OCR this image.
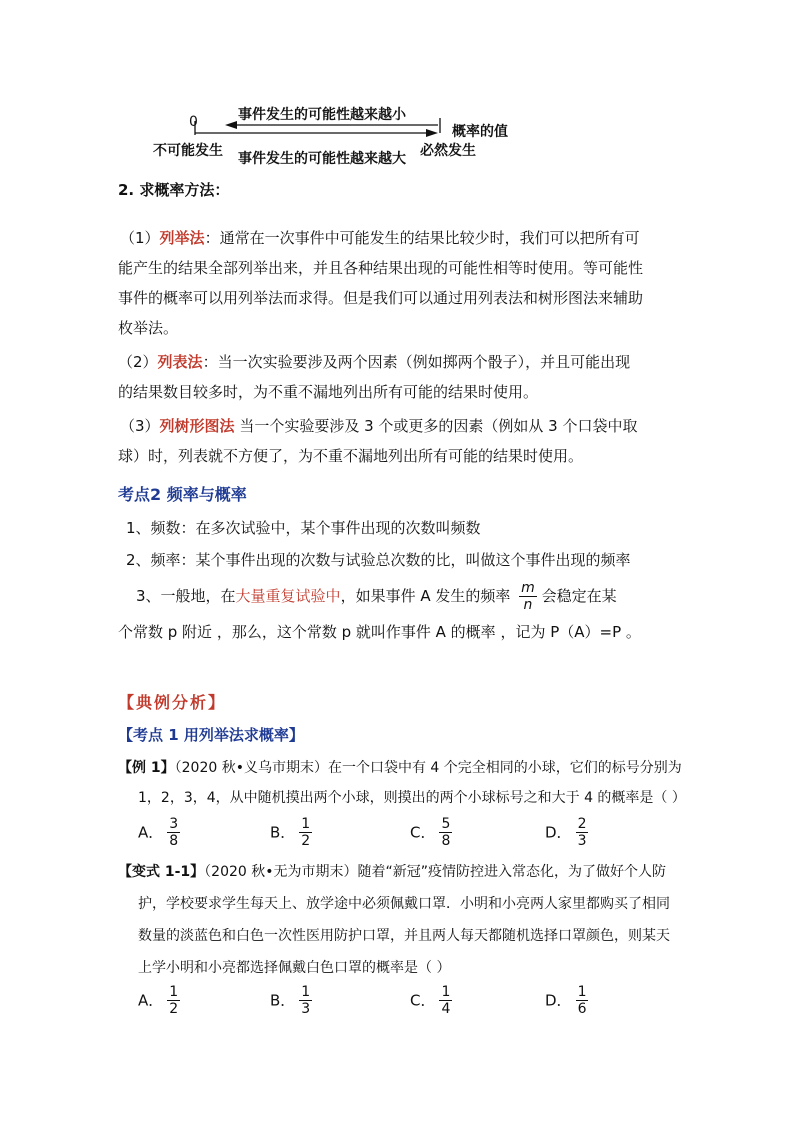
0	事件发生的可能性越来越小
概率的值
不可能发生 事件发生的可能性越来越大 必然发生
2. 求概率方法：
（1）列举法：通常在一次事件中可能发生的结果比较少时，我们可以把所有可
能产生的结果全部列举出来，并且各种结果出现的可能性相等时使用。等可能性
事件的概率可以用列举法而求得。但是我们可以通过用列表法和树形图法来辅助
枚举法。
（2）列表法：当一次实验要涉及两个因素（例如掷两个骰子），并且可能出现
的结果数目较多时，为不重不漏地列出所有可能的结果时使用。
（3）列树形图法 当一个实验要涉及 3 个或更多的因素（例如从 3 个口袋中取
球）时，列表就不方便了，为不重不漏地列出所有可能的结果时使用。
考点2 频率与概率
1、频数：在多次试验中，某个事件出现的次数叫频数
2、频率：某个事件出现的次数与试验总次数的比，叫做这个事件出现的频率
3、一般地，在大量重复试验中，如果事件 A 发生的频率 $\frac{m}{n}$ 会稳定在某
个常数 p 附近 ，那么，这个常数 p 就叫作事件 A 的概率 ，记为 P（A）=P 。
【典例分析】
【考点 1 用列举法求概率】
【例 1】（2020 秋•义乌市期末）在一个口袋中有 4 个完全相同的小球，它们的标号分别为
1，2，3，4，从中随机摸出两个小球，则摸出的两个小球标号之和大于 4 的概率是（ ）
A． $\frac{3}{8}$	B． $\frac{1}{2}$	C． $\frac{5}{8}$	D． $\frac{2}{3}$
【变式 1-1】（2020 秋•无为市期末）随着“新冠”疫情防控进入常态化，为了做好个人防
护，学校要求学生每天上、放学途中必须佩戴口罩．小明和小亮两人家里都购买了相同
数量的淡蓝色和白色一次性医用防护口罩，并且两人每天都随机选择口罩颜色，则某天
上学小明和小亮都选择佩戴白色口罩的概率是（ ）
A． $\frac{1}{2}$	B． $\frac{1}{3}$	C． $\frac{1}{4}$	D． $\frac{1}{6}$
